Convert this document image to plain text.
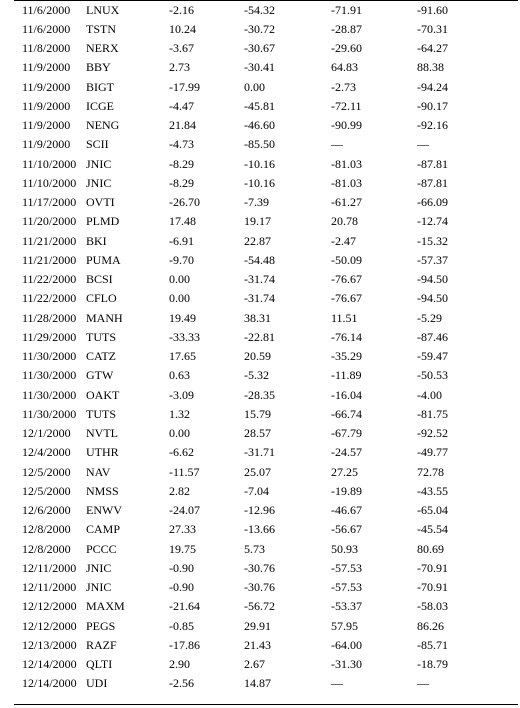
11/6/2000 LNUX	-2.16	-54.32	-71.91	-91.60
11/6/2000 TSTN	10.24	-30.72	-28.87	-70.31
11/8/2000 NERX	-3.67	-30.67	-29.60	-64.27
11/9/2000 BBY	2.73	-30.41	64.83	88.38
11/9/2000 BIGT	-17.99	0.00	-2.73	-94.24
11/9/2000 ICGE	-4.47	-45.81	-72.11	-90.17
11/9/2000 NENG	21.84	-46.60	-90.99	-92.16
11/9/2000 SCII	-4.73	-85.50	—	—
11/10/2000 JNIC	-8.29	-10.16	-81.03	-87.81
11/10/2000 JNIC	-8.29	-10.16	-81.03	-87.81
11/17/2000 OVTI	-26.70	-7.39	-61.27	-66.09
11/20/2000 PLMD	17.48	19.17	20.78	-12.74
11/21/2000 BKI	-6.91	22.87	-2.47	-15.32
11/21/2000 PUMA	-9.70	-54.48	-50.09	-57.37
11/22/2000 BCSI	0.00	-31.74	-76.67	-94.50
11/22/2000 CFLO	0.00	-31.74	-76.67	-94.50
11/28/2000 MANH	19.49	38.31	11.51	-5.29
11/29/2000 TUTS	-33.33	-22.81	-76.14	-87.46
11/30/2000 CATZ	17.65	20.59	-35.29	-59.47
11/30/2000 GTW	0.63	-5.32	-11.89	-50.53
11/30/2000 OAKT	-3.09	-28.35	-16.04	-4.00
11/30/2000 TUTS	1.32	15.79	-66.74	-81.75
12/1/2000 NVTL	0.00	28.57	-67.79	-92.52
12/4/2000 UTHR	-6.62	-31.71	-24.57	-49.77
12/5/2000 NAV	-11.57	25.07	27.25	72.78
12/5/2000 NMSS	2.82	-7.04	-19.89	-43.55
12/6/2000 ENWV	-24.07	-12.96	-46.67	-65.04
12/8/2000 CAMP	27.33	-13.66	-56.67	-45.54
12/8/2000 PCCC	19.75	5.73	50.93	80.69
12/11/2000 JNIC	-0.90	-30.76	-57.53	-70.91
12/11/2000 JNIC	-0.90	-30.76	-57.53	-70.91
12/12/2000 MAXM	-21.64	-56.72	-53.37	-58.03
12/12/2000 PEGS	-0.85	29.91	57.95	86.26
12/13/2000 RAZF	-17.86	21.43	-64.00	-85.71
12/14/2000 QLTI	2.90	2.67	-31.30	-18.79
12/14/2000 UDI	-2.56	14.87	—	—
